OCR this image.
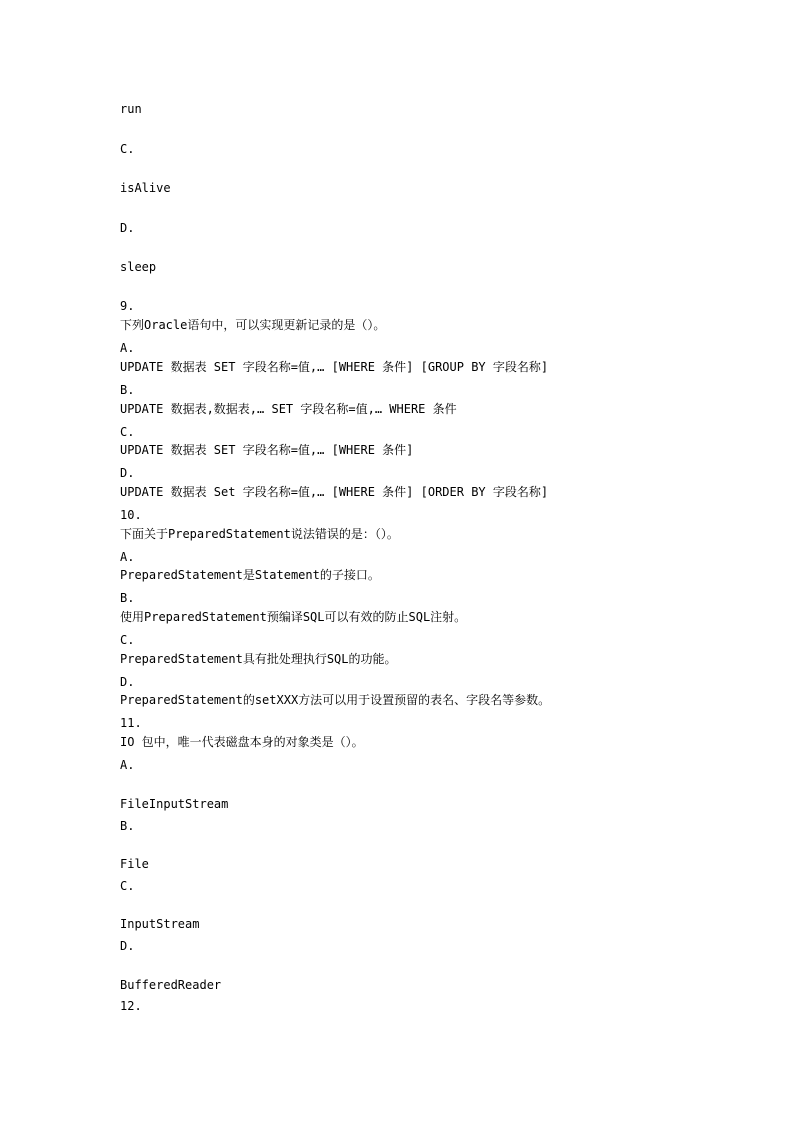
run
C.
isAlive
D.
sleep
9.
下列Oracle语句中，可以实现更新记录的是（）。
A.
UPDATE 数据表 SET 字段名称=值,… [WHERE 条件] [GROUP BY 字段名称]
B.
UPDATE 数据表,数据表,… SET 字段名称=值,… WHERE 条件
C.
UPDATE 数据表 SET 字段名称=值,… [WHERE 条件]
D.
UPDATE 数据表 Set 字段名称=值,… [WHERE 条件] [ORDER BY 字段名称]
10.
下面关于PreparedStatement说法错误的是：（）。
A.
PreparedStatement是Statement的子接口。
B.
使用PreparedStatement预编译SQL可以有效的防止SQL注射。
C.
PreparedStatement具有批处理执行SQL的功能。
D.
PreparedStatement的setXXX方法可以用于设置预留的表名、字段名等参数。
11.
IO 包中，唯一代表磁盘本身的对象类是（）。
A.
FileInputStream
B.
File
C.
InputStream
D.
BufferedReader
12.
